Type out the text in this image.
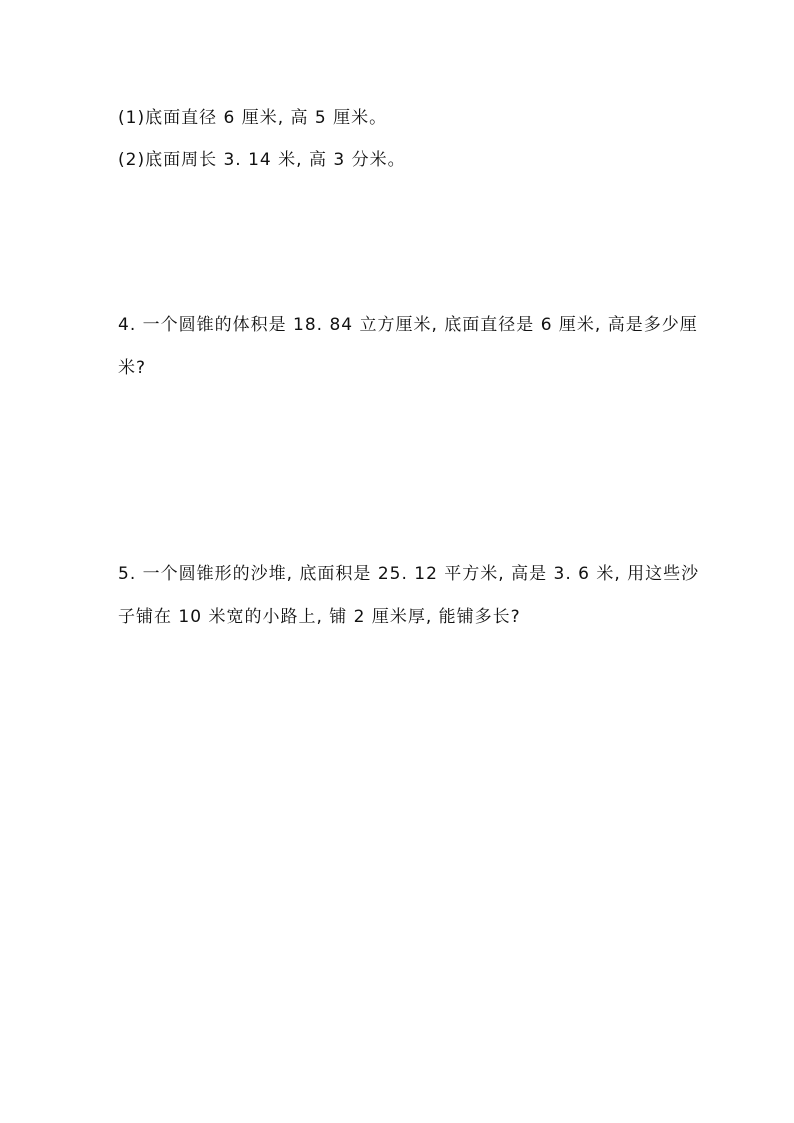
(1)底面直径 6 厘米, 高 5 厘米。
(2)底面周长 3. 14 米, 高 3 分米。
4. 一个圆锥的体积是 18. 84 立方厘米, 底面直径是 6 厘米, 高是多少厘
米?
5. 一个圆锥形的沙堆, 底面积是 25. 12 平方米, 高是 3. 6 米, 用这些沙
子铺在 10 米宽的小路上, 铺 2 厘米厚, 能铺多长?
